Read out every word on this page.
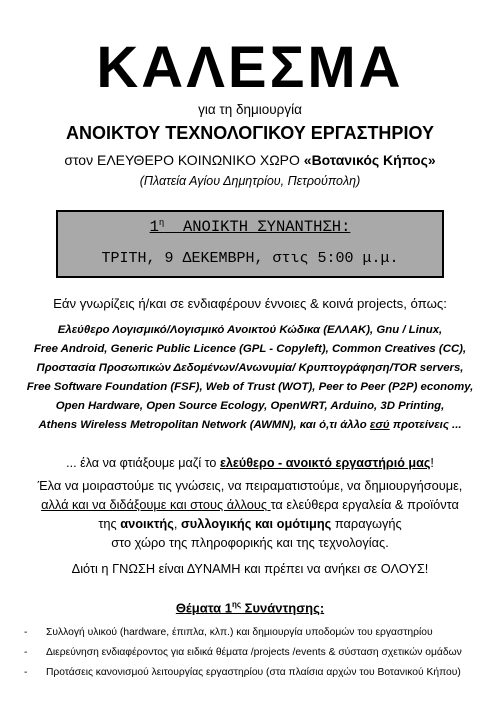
ΚΑΛΕΣΜΑ
για τη δημιουργία
ΑΝΟΙΚΤΟΥ ΤΕΧΝΟΛΟΓΙΚΟΥ ΕΡΓΑΣΤΗΡΙΟΥ
στον ΕΛΕΥΘΕΡΟ ΚΟΙΝΩΝΙΚΟ ΧΩΡΟ «Βοτανικός Κήπος»
(Πλατεία Αγίου Δημητρίου, Πετρούπολη)
$1^\eta$ ΑΝΟΙΚΤΗ ΣΥΝΑΝΤΗΣΗ:
ΤΡΙΤΗ, 9 ΔΕΚΕΜΒΡΗ, στις 5:00 μ.μ.
Εάν γνωρίζεις ή/και σε ενδιαφέρουν έννοιες & κοινά projects, όπως:
Ελεύθερο Λογισμικό/Λογισμικό Ανοικτού Κώδικα (ΕΛΛΑΚ), Gnu / Linux,
Free Android, Generic Public Licence (GPL - Copyleft), Common Creatives (CC),
Προστασία Προσωπικών Δεδομένων/Ανωνυμία/ Κρυπτογράφηση/TOR servers,
Free Software Foundation (FSF), Web of Trust (WOT), Peer to Peer (P2P) economy,
Open Hardware, Open Source Ecology, OpenWRT, Arduino, 3D Printing,
Athens Wireless Metropolitan Network (AWMN), και ό,τι άλλο εσύ προτείνεις ...
... έλα να φτιάξουμε μαζί το ελεύθερο - ανοικτό εργαστήριό μας!
Έλα να μοιραστούμε τις γνώσεις, να πειραματιστούμε, να δημιουργήσουμε,
αλλά και να διδάξουμε και στους άλλους τα ελεύθερα εργαλεία & προϊόντα
της ανοικτής, συλλογικής και ομότιμης παραγωγής
στο χώρο της πληροφορικής και της τεχνολογίας.
Διότι η ΓΝΩΣΗ είναι ΔΥΝΑΜΗ και πρέπει να ανήκει σε ΟΛΟΥΣ!
Θέματα $1^{\eta\varsigma}$ Συνάντησης:
- Συλλογή υλικού (hardware, έπιπλα, κλπ.) και δημιουργία υποδομών του εργαστηρίου
- Διερεύνηση ενδιαφέροντος για ειδικά θέματα /projects /events & σύσταση σχετικών ομάδων
- Προτάσεις κανονισμού λειτουργίας εργαστηρίου (στα πλαίσια αρχών του Βοτανικού Κήπου)
